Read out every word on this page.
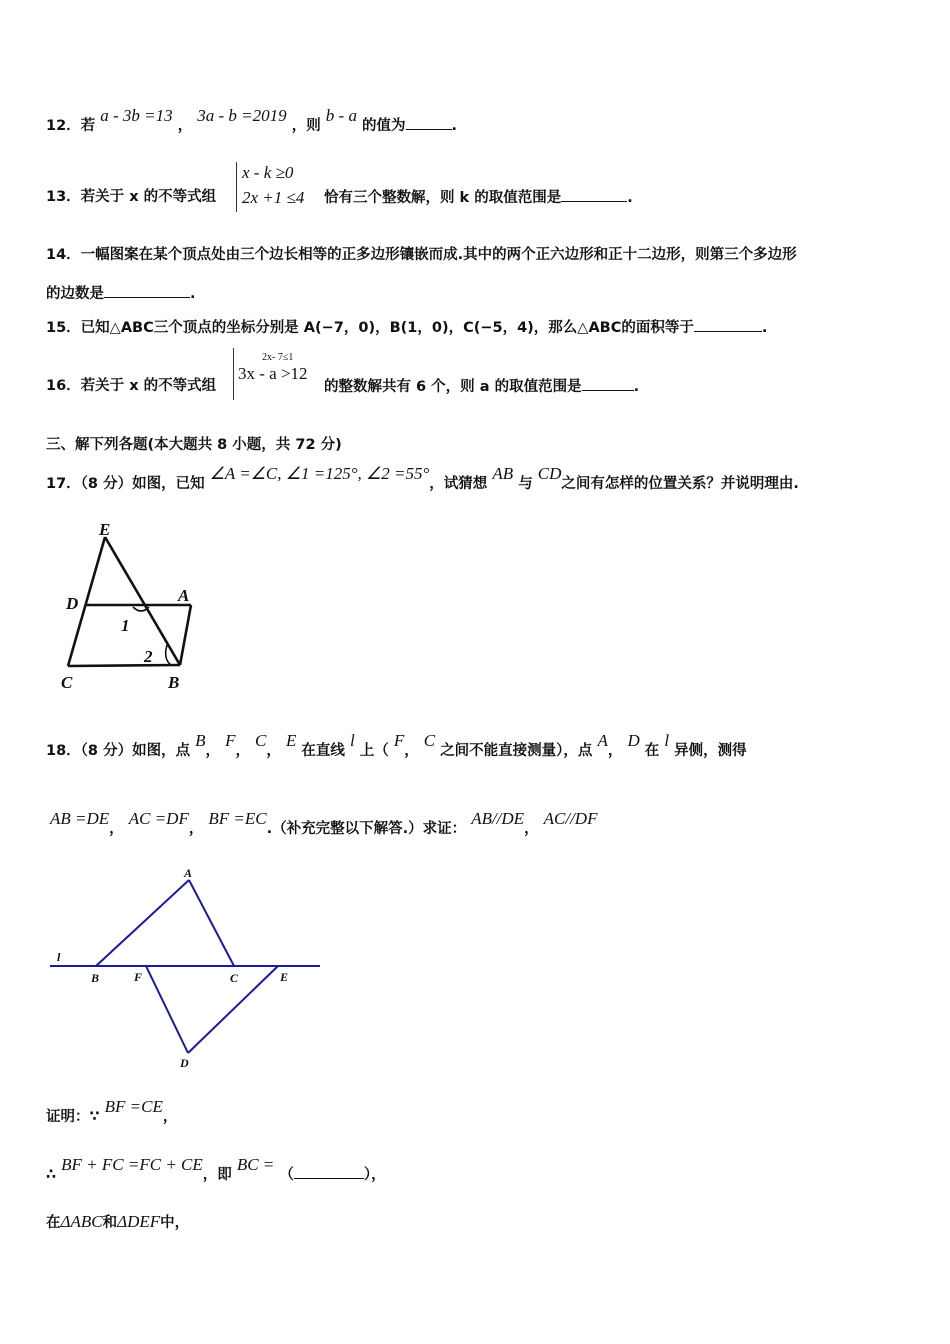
12．若 a - 3b =13 ， 3a - b =2019 ，则 b - a 的值为	.
13．若关于 x 的不等式组
x - k ≥0
2x +1 ≤4 恰有三个整数解，则 k 的取值范围是	.
14．一幅图案在某个顶点处由三个边长相等的正多边形镶嵌而成.其中的两个正六边形和正十二边形，则第三个多边形
的边数是	.
15．已知△ABC三个顶点的坐标分别是 A(−7，0)，B(1，0)，C(−5，4)，那么△ABC的面积等于	.
16．若关于 x 的不等式组
2x- 7≤1
3x - a >12
的整数解共有 6 个，则 a 的取值范围是	.
三、解下列各题(本大题共 8 小题，共 72 分)
17．（8 分）如图，已知 ∠A =∠C, ∠1 =125°, ∠2 =55°，试猜想 AB 与 CD之间有怎样的位置关系？并说明理由.
E
D	A
1
2
C	B
18．（8 分）如图，点 B， F， C， E 在直线 l 上（ F， C 之间不能直接测量），点 A， D 在 l 异侧，测得
AB =DE， AC =DF， BF =EC.（补充完整以下解答.）求证： AB//DE， AC//DF
l
A
B	F	C	E
D
证明：∵ BF =CE，
∴ BF + FC =FC + CE，即 BC = （	），
在ΔABC和ΔDEF中，
